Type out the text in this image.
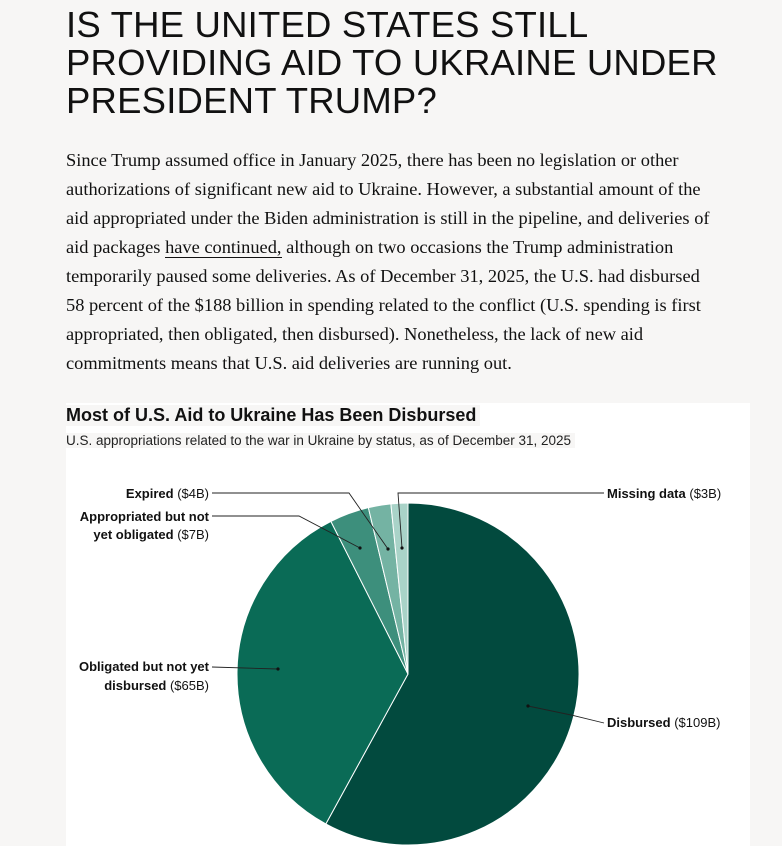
IS THE UNITED STATES STILL
PROVIDING AID TO UKRAINE UNDER
PRESIDENT TRUMP?
Since Trump assumed office in January 2025, there has been no legislation or other
authorizations of significant new aid to Ukraine. However, a substantial amount of the
aid appropriated under the Biden administration is still in the pipeline, and deliveries of
aid packages have continued, although on two occasions the Trump administration
temporarily paused some deliveries. As of December 31, 2025, the U.S. had disbursed
58 percent of the $188 billion in spending related to the conflict (U.S. spending is first
appropriated, then obligated, then disbursed). Nonetheless, the lack of new aid
commitments means that U.S. aid deliveries are running out.
Disbursed ($109B)
Obligated but not yet
disbursed ($65B)
Appropriated but not
yet obligated ($7B)
Expired ($4B)	Missing data ($3B)
Most of U.S. Aid to Ukraine Has Been Disbursed

U.S. appropriations related to the war in Ukraine by status, as of December 31, 2025
